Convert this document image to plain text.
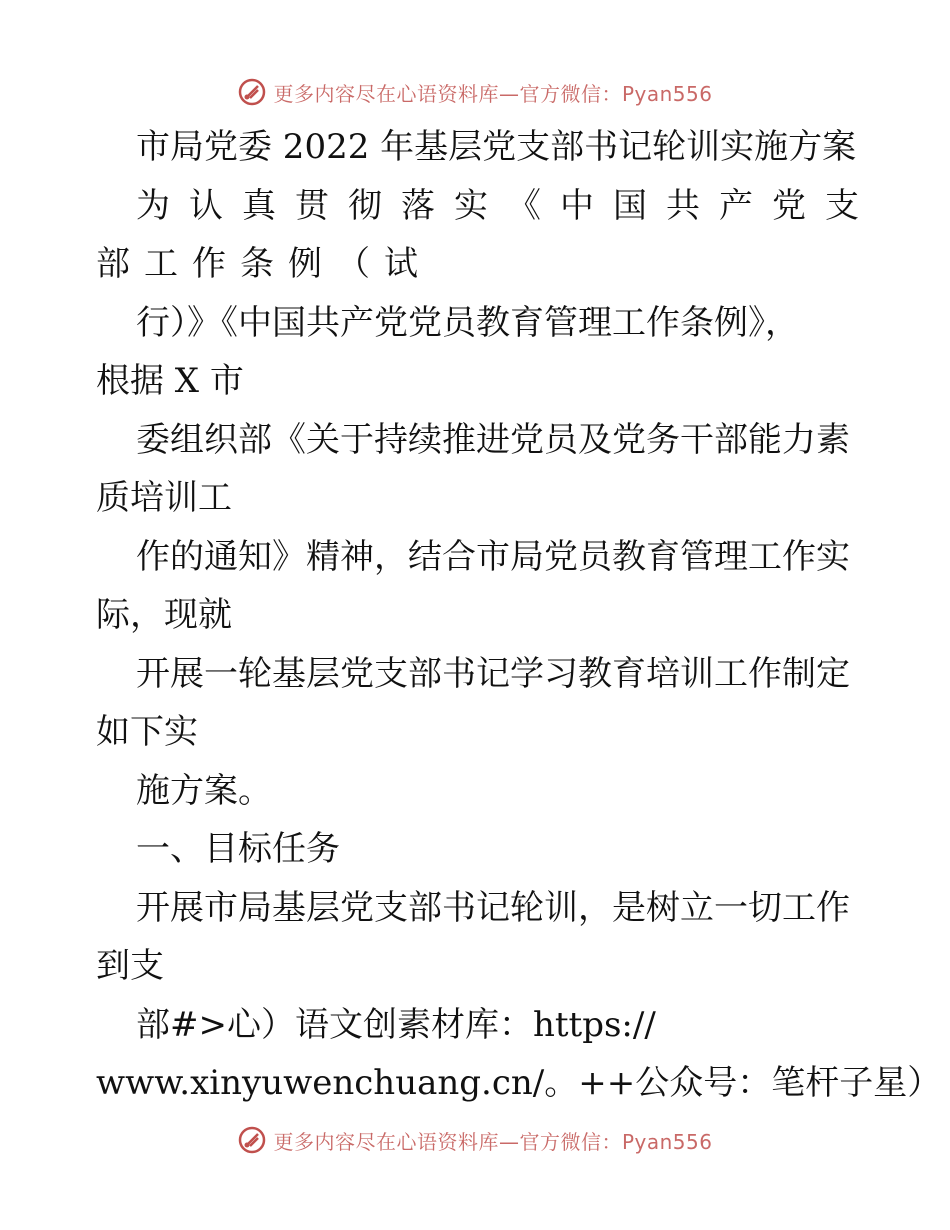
更多内容尽在心语资料库—官方微信：Pyan556
市局党委 2022 年基层党支部书记轮训实施方案
为认真贯彻落实《中国共产党支
部工作条例（试
行）》《中国共产党党员教育管理工作条例》，
根据 X 市
委组织部《关于持续推进党员及党务干部能力素
质培训工
作的通知》精神，结合市局党员教育管理工作实
际，现就
开展一轮基层党支部书记学习教育培训工作制定
如下实
施方案。
一、目标任务
开展市局基层党支部书记轮训，是树立一切工作
到支
部#>心）语文创素材库：https://
www.xinyuwenchuang.cn/。++公众号：笔杆子星）
更多内容尽在心语资料库—官方微信：Pyan556
